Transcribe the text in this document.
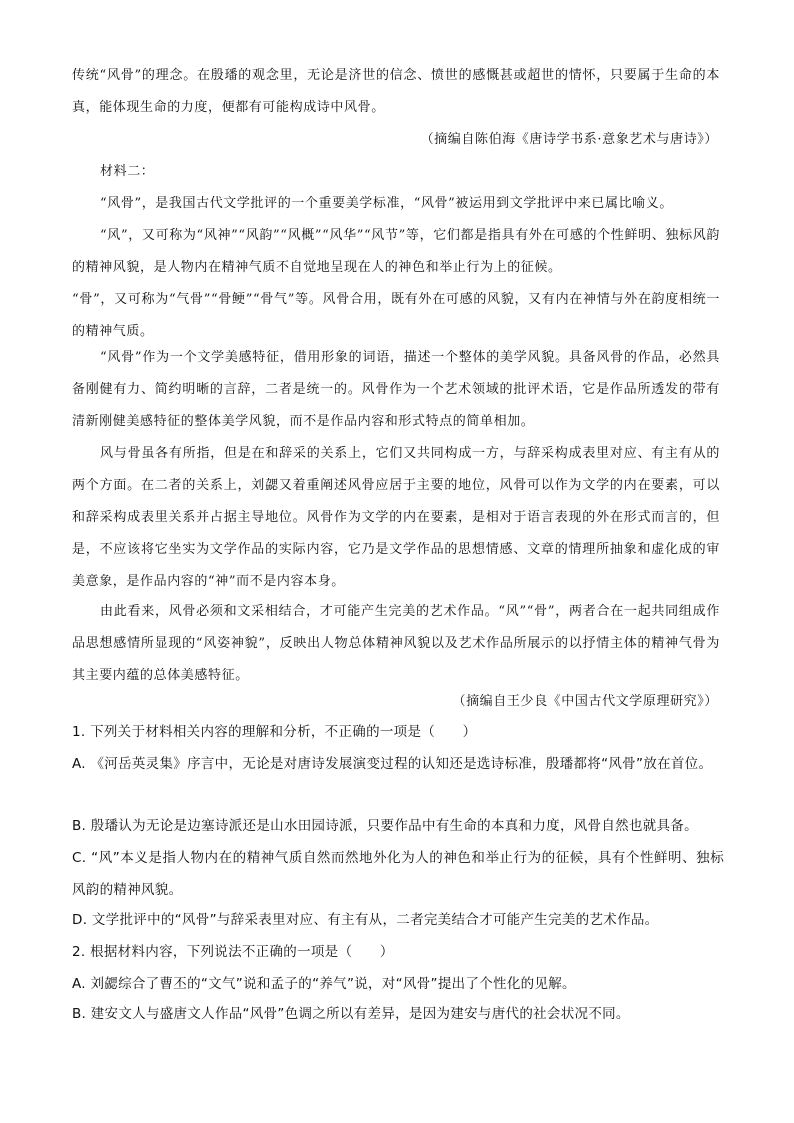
传统“风骨”的理念。在殷璠的观念里，无论是济世的信念、愤世的感慨甚或超世的情怀，只要属于生命的本真，能体现生命的力度，便都有可能构成诗中风骨。

（摘编自陈伯海《唐诗学书系·意象艺术与唐诗》）

材料二：

“风骨”，是我国古代文学批评的一个重要美学标准，“风骨”被运用到文学批评中来已属比喻义。

“风”，又可称为“风神”“风韵”“风概”“风华”“风节”等，它们都是指具有外在可感的个性鲜明、独标风韵的精神风貌，是人物内在精神气质不自觉地呈现在人的神色和举止行为上的征候。

“骨”，又可称为“气骨”“骨鲠”“骨气”等。风骨合用，既有外在可感的风貌，又有内在神情与外在韵度相统一的精神气质。

“风骨”作为一个文学美感特征，借用形象的词语，描述一个整体的美学风貌。具备风骨的作品，必然具备刚健有力、简约明晰的言辞，二者是统一的。风骨作为一个艺术领域的批评术语，它是作品所透发的带有清新刚健美感特征的整体美学风貌，而不是作品内容和形式特点的简单相加。

风与骨虽各有所指，但是在和辞采的关系上，它们又共同构成一方，与辞采构成表里对应、有主有从的两个方面。在二者的关系上，刘勰又着重阐述风骨应居于主要的地位，风骨可以作为文学的内在要素，可以和辞采构成表里关系并占据主导地位。风骨作为文学的内在要素，是相对于语言表现的外在形式而言的，但是，不应该将它坐实为文学作品的实际内容，它乃是文学作品的思想情感、文章的情理所抽象和虚化成的审美意象，是作品内容的“神”而不是内容本身。

由此看来，风骨必须和文采相结合，才可能产生完美的艺术作品。“风”“骨”，两者合在一起共同组成作品思想感情所显现的“风姿神貌”，反映出人物总体精神风貌以及艺术作品所展示的以抒情主体的精神气骨为其主要内蕴的总体美感特征。

（摘编自王少良《中国古代文学原理研究》）

1. 下列关于材料相关内容的理解和分析，不正确的一项是（　　）

A. 《河岳英灵集》序言中，无论是对唐诗发展演变过程的认知还是选诗标准，殷璠都将“风骨”放在首位。

B. 殷璠认为无论是边塞诗派还是山水田园诗派，只要作品中有生命的本真和力度，风骨自然也就具备。

C. “风”本义是指人物内在的精神气质自然而然地外化为人的神色和举止行为的征候，具有个性鲜明、独标风韵的精神风貌。

D. 文学批评中的“风骨”与辞采表里对应、有主有从，二者完美结合才可能产生完美的艺术作品。

2. 根据材料内容，下列说法不正确的一项是（　　）

A. 刘勰综合了曹丕的“文气”说和孟子的“养气”说，对“风骨”提出了个性化的见解。

B. 建安文人与盛唐文人作品“风骨”色调之所以有差异，是因为建安与唐代的社会状况不同。
